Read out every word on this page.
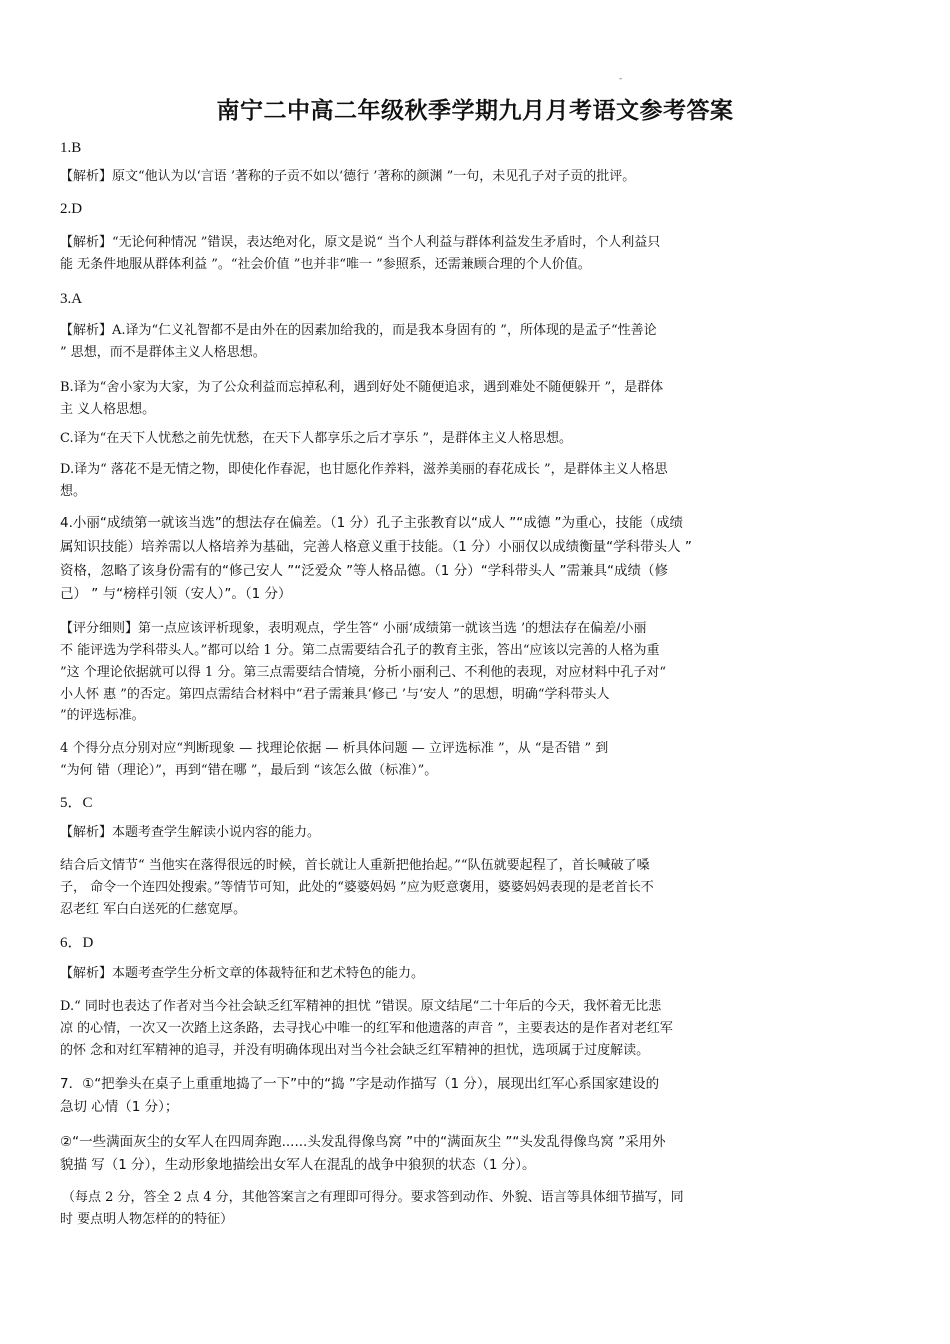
-
南宁二中高二年级秋季学期九月月考语文参考答案
1.B
【解析】原文“他认为以‘言语 ’著称的子贡不如以‘德行 ’著称的颜渊 ”一句，未见孔子对子贡的批评。
2.D
【解析】“无论何种情况 ”错误，表达绝对化，原文是说“ 当个人利益与群体利益发生矛盾时，个人利益只
能 无条件地服从群体利益 ”。“社会价值 ”也并非“唯一 ”参照系，还需兼顾合理的个人价值。
3.A
【解析】A.译为“仁义礼智都不是由外在的因素加给我的，而是我本身固有的 ”，所体现的是孟子“性善论
” 思想，而不是群体主义人格思想。
B.译为“舍小家为大家，为了公众利益而忘掉私利，遇到好处不随便追求，遇到难处不随便躲开 ”，是群体
主 义人格思想。
C.译为“在天下人忧愁之前先忧愁，在天下人都享乐之后才享乐 ”，是群体主义人格思想。
D.译为“ 落花不是无情之物，即使化作春泥，也甘愿化作养料，滋养美丽的春花成长 ”，是群体主义人格思
想。
4.小丽“成绩第一就该当选”的想法存在偏差。（1 分）孔子主张教育以“成人 ”“成德 ”为重心，技能（成绩
属知识技能）培养需以人格培养为基础，完善人格意义重于技能。（1 分）小丽仅以成绩衡量“学科带头人 ”
资格，忽略了该身份需有的“修己安人 ”“泛爱众 ”等人格品德。（1 分）“学科带头人 ”需兼具“成绩（修
己） ” 与“榜样引领（安人）”。（1 分）
【评分细则】第一点应该评析现象，表明观点，学生答“ 小丽‘成绩第一就该当选 ’的想法存在偏差/小丽
不 能评选为学科带头人。”都可以给 1 分。第二点需要结合孔子的教育主张，答出“应该以完善的人格为重
”这 个理论依据就可以得 1 分。第三点需要结合情境，分析小丽利己、不利他的表现，对应材料中孔子对“
小人怀 惠 ”的否定。第四点需结合材料中“君子需兼具‘修己 ’与‘安人 ”的思想，明确“学科带头人
”的评选标准。
4 个得分点分别对应“判断现象 — 找理论依据 — 析具体问题 — 立评选标准 ”，从 “是否错 ” 到
“为何 错（理论）”，再到“错在哪 ”，最后到 “该怎么做（标准）”。
5．C
【解析】本题考查学生解读小说内容的能力。
结合后文情节“ 当他实在落得很远的时候，首长就让人重新把他抬起。”“队伍就要起程了，首长喊破了嗓
子， 命令一个连四处搜索。”等情节可知，此处的“婆婆妈妈 ”应为贬意褒用，婆婆妈妈表现的是老首长不
忍老红 军白白送死的仁慈宽厚。
6．D
【解析】本题考查学生分析文章的体裁特征和艺术特色的能力。
D.“ 同时也表达了作者对当今社会缺乏红军精神的担忧 ”错误。原文结尾“二十年后的今天，我怀着无比悲
凉 的心情，一次又一次踏上这条路，去寻找心中唯一的红军和他遗落的声音 ”，主要表达的是作者对老红军
的怀 念和对红军精神的追寻，并没有明确体现出对当今社会缺乏红军精神的担忧，选项属于过度解读。
7．①“把拳头在桌子上重重地捣了一下”中的“捣 ”字是动作描写（1 分），展现出红军心系国家建设的
急切 心情（1 分）；
②“一些满面灰尘的女军人在四周奔跑......头发乱得像鸟窝 ”中的“满面灰尘 ”“头发乱得像鸟窝 ”采用外
貌描 写（1 分），生动形象地描绘出女军人在混乱的战争中狼狈的状态（1 分）。
（每点 2 分，答全 2 点 4 分，其他答案言之有理即可得分。要求答到动作、外貌、语言等具体细节描写，同
时 要点明人物怎样的的特征）
